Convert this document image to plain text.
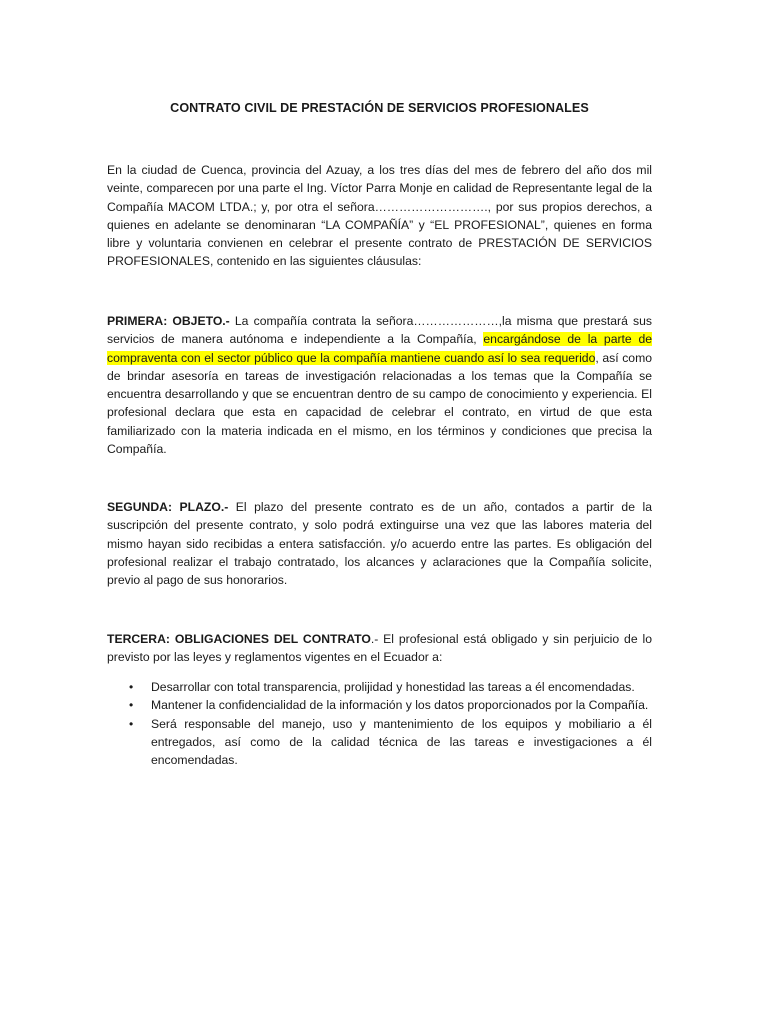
CONTRATO CIVIL DE PRESTACIÓN DE SERVICIOS PROFESIONALES

En la ciudad de Cuenca, provincia del Azuay, a los tres días del mes de febrero del año dos mil veinte, comparecen por una parte el Ing. Víctor Parra Monje en calidad de Representante legal de la Compañía MACOM LTDA.; y, por otra el señora………………………., por sus propios derechos, a quienes en adelante se denominaran “LA COMPAÑÍA” y “EL PROFESIONAL”, quienes en forma libre y voluntaria convienen en celebrar el presente contrato de PRESTACIÓN DE SERVICIOS PROFESIONALES, contenido en las siguientes cláusulas:

PRIMERA: OBJETO.- La compañía contrata la señora…………………,la misma que prestará sus servicios de manera autónoma e independiente a la Compañía, encargándose de la parte de compraventa con el sector público que la compañía mantiene cuando así lo sea requerido, así como de brindar asesoría en tareas de investigación relacionadas a los temas que la Compañía se encuentra desarrollando y que se encuentran dentro de su campo de conocimiento y experiencia. El profesional declara que esta en capacidad de celebrar el contrato, en virtud de que esta familiarizado con la materia indicada en el mismo, en los términos y condiciones que precisa la Compañía.

SEGUNDA: PLAZO.- El plazo del presente contrato es de un año, contados a partir de la suscripción del presente contrato, y solo podrá extinguirse una vez que las labores materia del mismo hayan sido recibidas a entera satisfacción. y/o acuerdo entre las partes. Es obligación del profesional realizar el trabajo contratado, los alcances y aclaraciones que la Compañía solicite, previo al pago de sus honorarios.

TERCERA: OBLIGACIONES DEL CONTRATO.- El profesional está obligado y sin perjuicio de lo previsto por las leyes y reglamentos vigentes en el Ecuador a:

• Desarrollar con total transparencia, prolijidad y honestidad las tareas a él encomendadas.
• Mantener la confidencialidad de la información y los datos proporcionados por la Compañía.
• Será responsable del manejo, uso y mantenimiento de los equipos y mobiliario a él entregados, así como de la calidad técnica de las tareas e investigaciones a él encomendadas.
